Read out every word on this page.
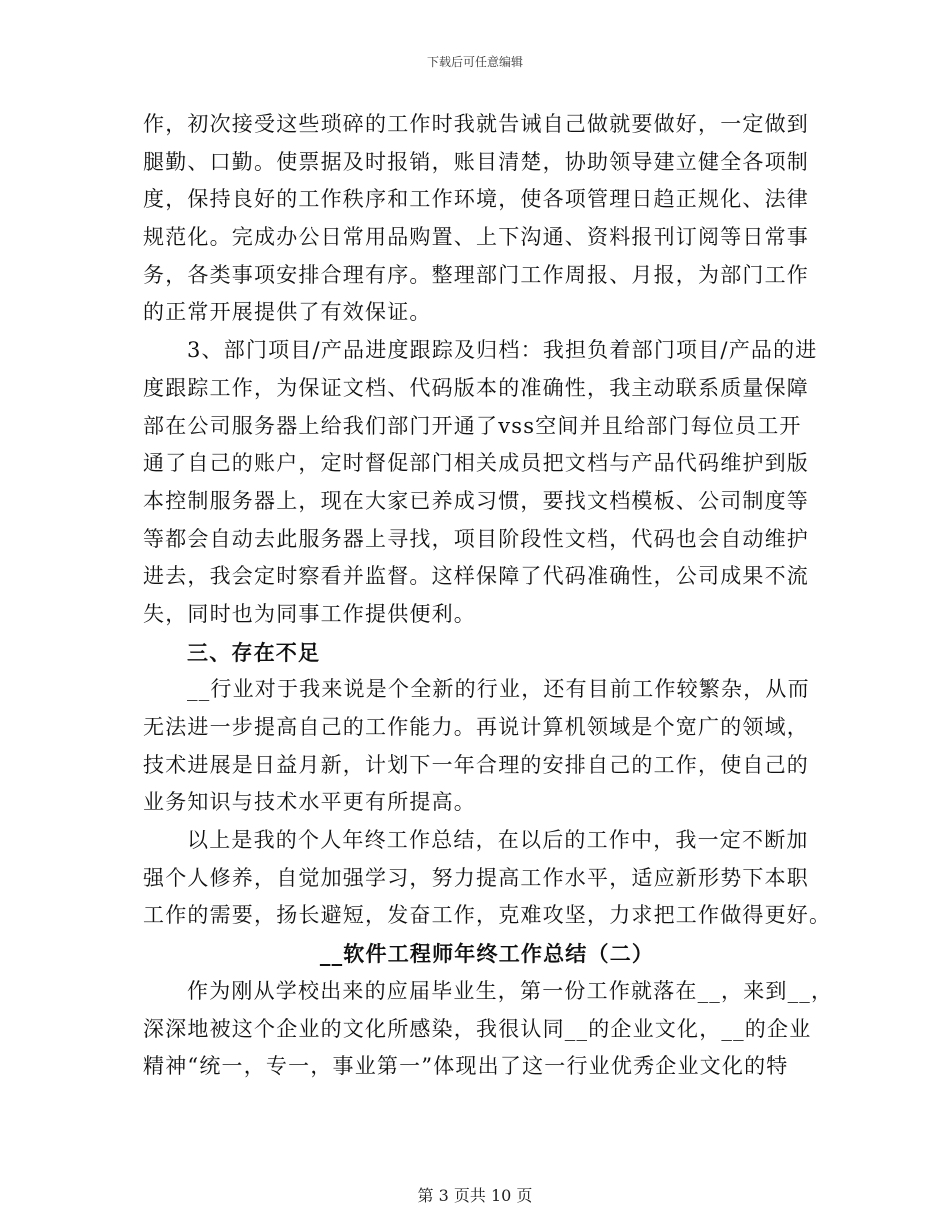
下载后可任意编辑
作，初次接受这些琐碎的工作时我就告诫自己做就要做好，一定做到
腿勤、口勤。使票据及时报销，账目清楚，协助领导建立健全各项制
度，保持良好的工作秩序和工作环境，使各项管理日趋正规化、法律
规范化。完成办公日常用品购置、上下沟通、资料报刊订阅等日常事
务，各类事项安排合理有序。整理部门工作周报、月报，为部门工作
的正常开展提供了有效保证。
3、部门项目/产品进度跟踪及归档：我担负着部门项目/产品的进
度跟踪工作，为保证文档、代码版本的准确性，我主动联系质量保障
部在公司服务器上给我们部门开通了vss空间并且给部门每位员工开
通了自己的账户，定时督促部门相关成员把文档与产品代码维护到版
本控制服务器上，现在大家已养成习惯，要找文档模板、公司制度等
等都会自动去此服务器上寻找，项目阶段性文档，代码也会自动维护
进去，我会定时察看并监督。这样保障了代码准确性，公司成果不流
失，同时也为同事工作提供便利。
三、存在不足
__行业对于我来说是个全新的行业，还有目前工作较繁杂，从而
无法进一步提高自己的工作能力。再说计算机领域是个宽广的领域，
技术进展是日益月新，计划下一年合理的安排自己的工作，使自己的
业务知识与技术水平更有所提高。
以上是我的个人年终工作总结，在以后的工作中，我一定不断加
强个人修养，自觉加强学习，努力提高工作水平，适应新形势下本职
工作的需要，扬长避短，发奋工作，克难攻坚，力求把工作做得更好。
__软件工程师年终工作总结（二）
作为刚从学校出来的应届毕业生，第一份工作就落在__，来到__，
深深地被这个企业的文化所感染，我很认同__的企业文化，__的企业
精神“统一，专一，事业第一”体现出了这一行业优秀企业文化的特
第 3 页共 10 页
